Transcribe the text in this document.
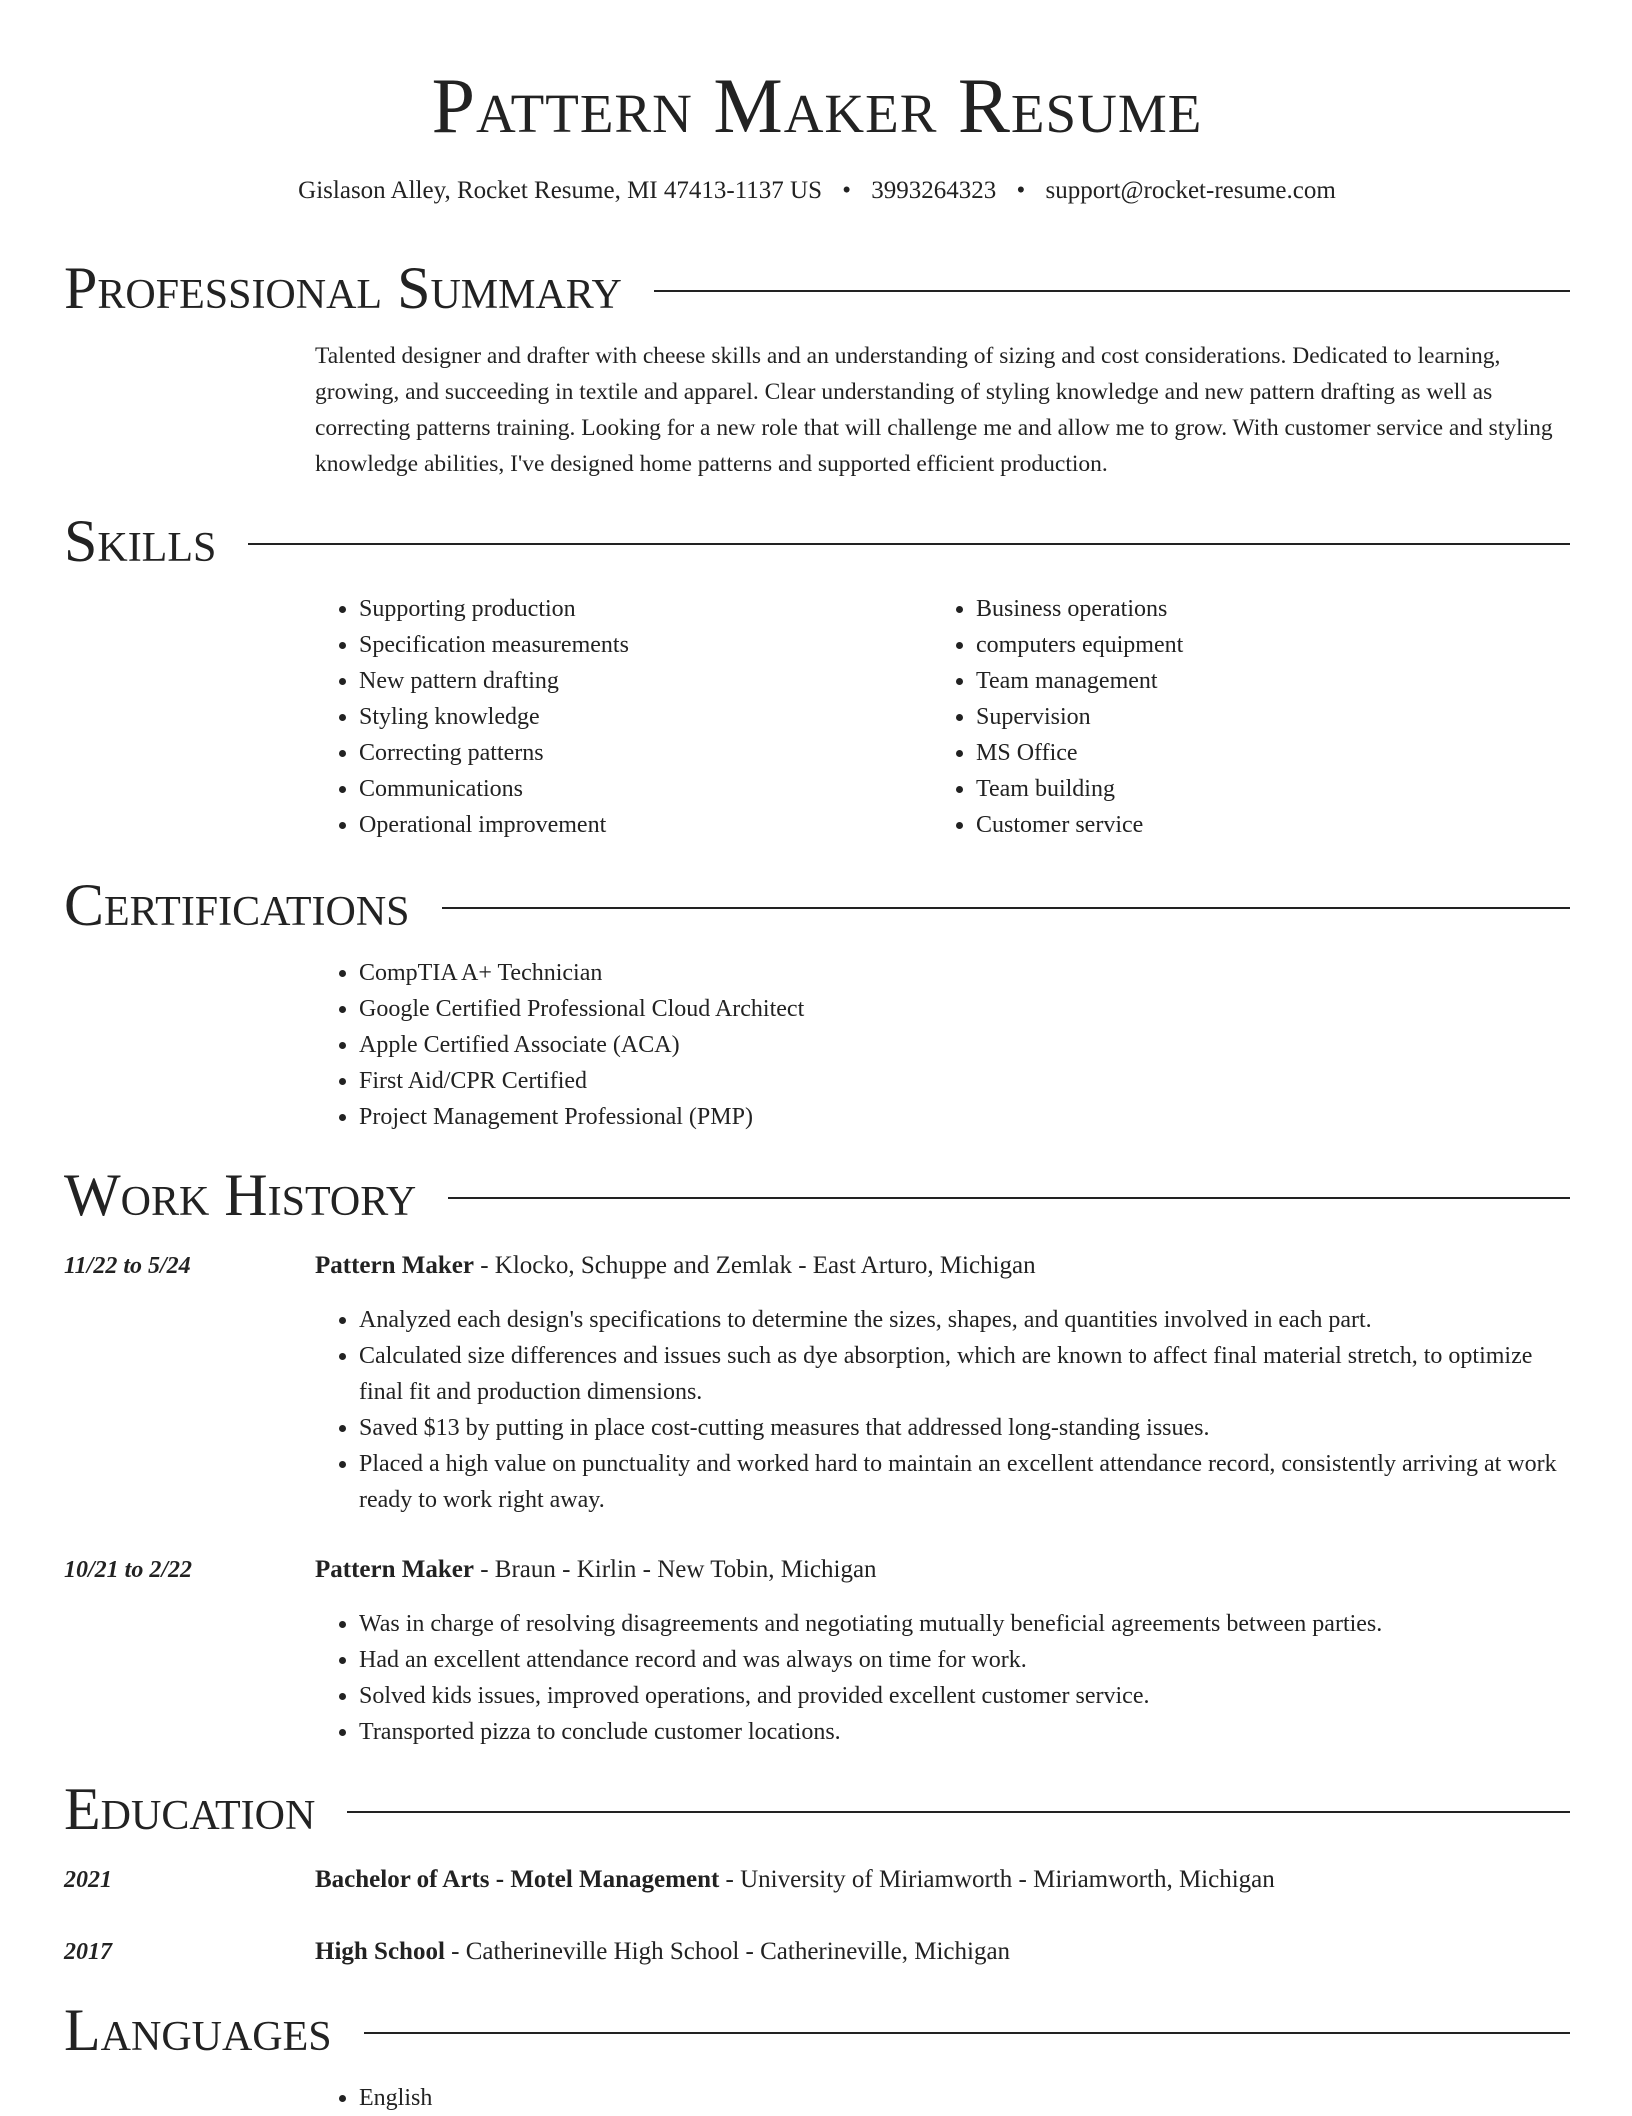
Pattern Maker Resume
Gislason Alley, Rocket Resume, MI 47413-1137 US • 3993264323 • support@rocket-resume.com
Professional Summary

Talented designer and drafter with cheese skills and an understanding of sizing and cost considerations. Dedicated to learning, growing, and succeeding in textile and apparel. Clear understanding of styling knowledge and new pattern drafting as well as correcting patterns training. Looking for a new role that will challenge me and allow me to grow. With customer service and styling knowledge abilities, I've designed home patterns and supported efficient production.

Skills
• Supporting production
• Specification measurements
• New pattern drafting
• Styling knowledge
• Correcting patterns
• Communications
• Operational improvement
• Business operations
• computers equipment
• Team management
• Supervision
• MS Office
• Team building
• Customer service
Certifications
• CompTIA A+ Technician
• Google Certified Professional Cloud Architect
• Apple Certified Associate (ACA)
• First Aid/CPR Certified
• Project Management Professional (PMP)
Work History
11/22 to 5/24	Pattern Maker - Klocko, Schuppe and Zemlak - East Arturo, Michigan

• Analyzed each design's specifications to determine the sizes, shapes, and quantities involved in each part.
• Calculated size differences and issues such as dye absorption, which are known to affect final material stretch, to optimize final fit and production dimensions.
• Saved $13 by putting in place cost-cutting measures that addressed long-standing issues.
• Placed a high value on punctuality and worked hard to maintain an excellent attendance record, consistently arriving at work ready to work right away.
10/21 to 2/22	Pattern Maker - Braun - Kirlin - New Tobin, Michigan

• Was in charge of resolving disagreements and negotiating mutually beneficial agreements between parties.
• Had an excellent attendance record and was always on time for work.
• Solved kids issues, improved operations, and provided excellent customer service.
• Transported pizza to conclude customer locations.
Education
2021	Bachelor of Arts - Motel Management - University of Miriamworth - Miriamworth, Michigan

2017	High School - Catherineville High School - Catherineville, Michigan

Languages
• English
